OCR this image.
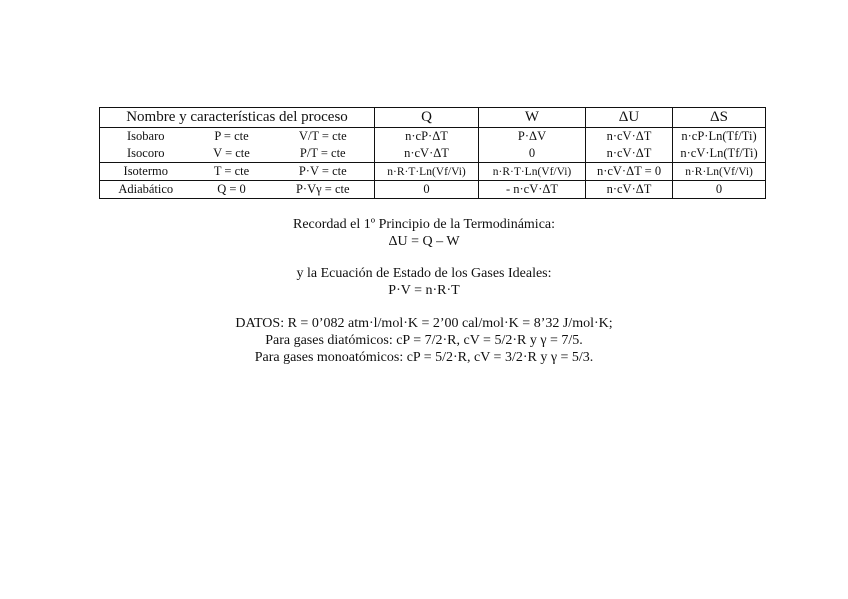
Nombre y características del proceso			Q	W	ΔU	ΔS
Isobaro	P = cte	V/T = cte	n·cP·ΔT	P·ΔV	n·cV·ΔT	n·cP·Ln(Tf/Ti)
Isocoro	V = cte	P/T = cte	n·cV·ΔT	0	n·cV·ΔT	n·cV·Ln(Tf/Ti)
Isotermo	T = cte	P·V = cte	n·R·T·Ln(Vf/Vi)	n·R·T·Ln(Vf/Vi)	n·cV·ΔT = 0	n·R·Ln(Vf/Vi)
Adiabático	Q = 0	P·Vγ = cte	0	- n·cV·ΔT	n·cV·ΔT	0
Recordad el 1º Principio de la Termodinámica:
ΔU = Q – W
y la Ecuación de Estado de los Gases Ideales:
P·V = n·R·T
DATOS: R = 0’082 atm·l/mol·K = 2’00 cal/mol·K = 8’32 J/mol·K;
Para gases diatómicos: cP = 7/2·R, cV = 5/2·R y γ = 7/5.
Para gases monoatómicos: cP = 5/2·R, cV = 3/2·R y γ = 5/3.
